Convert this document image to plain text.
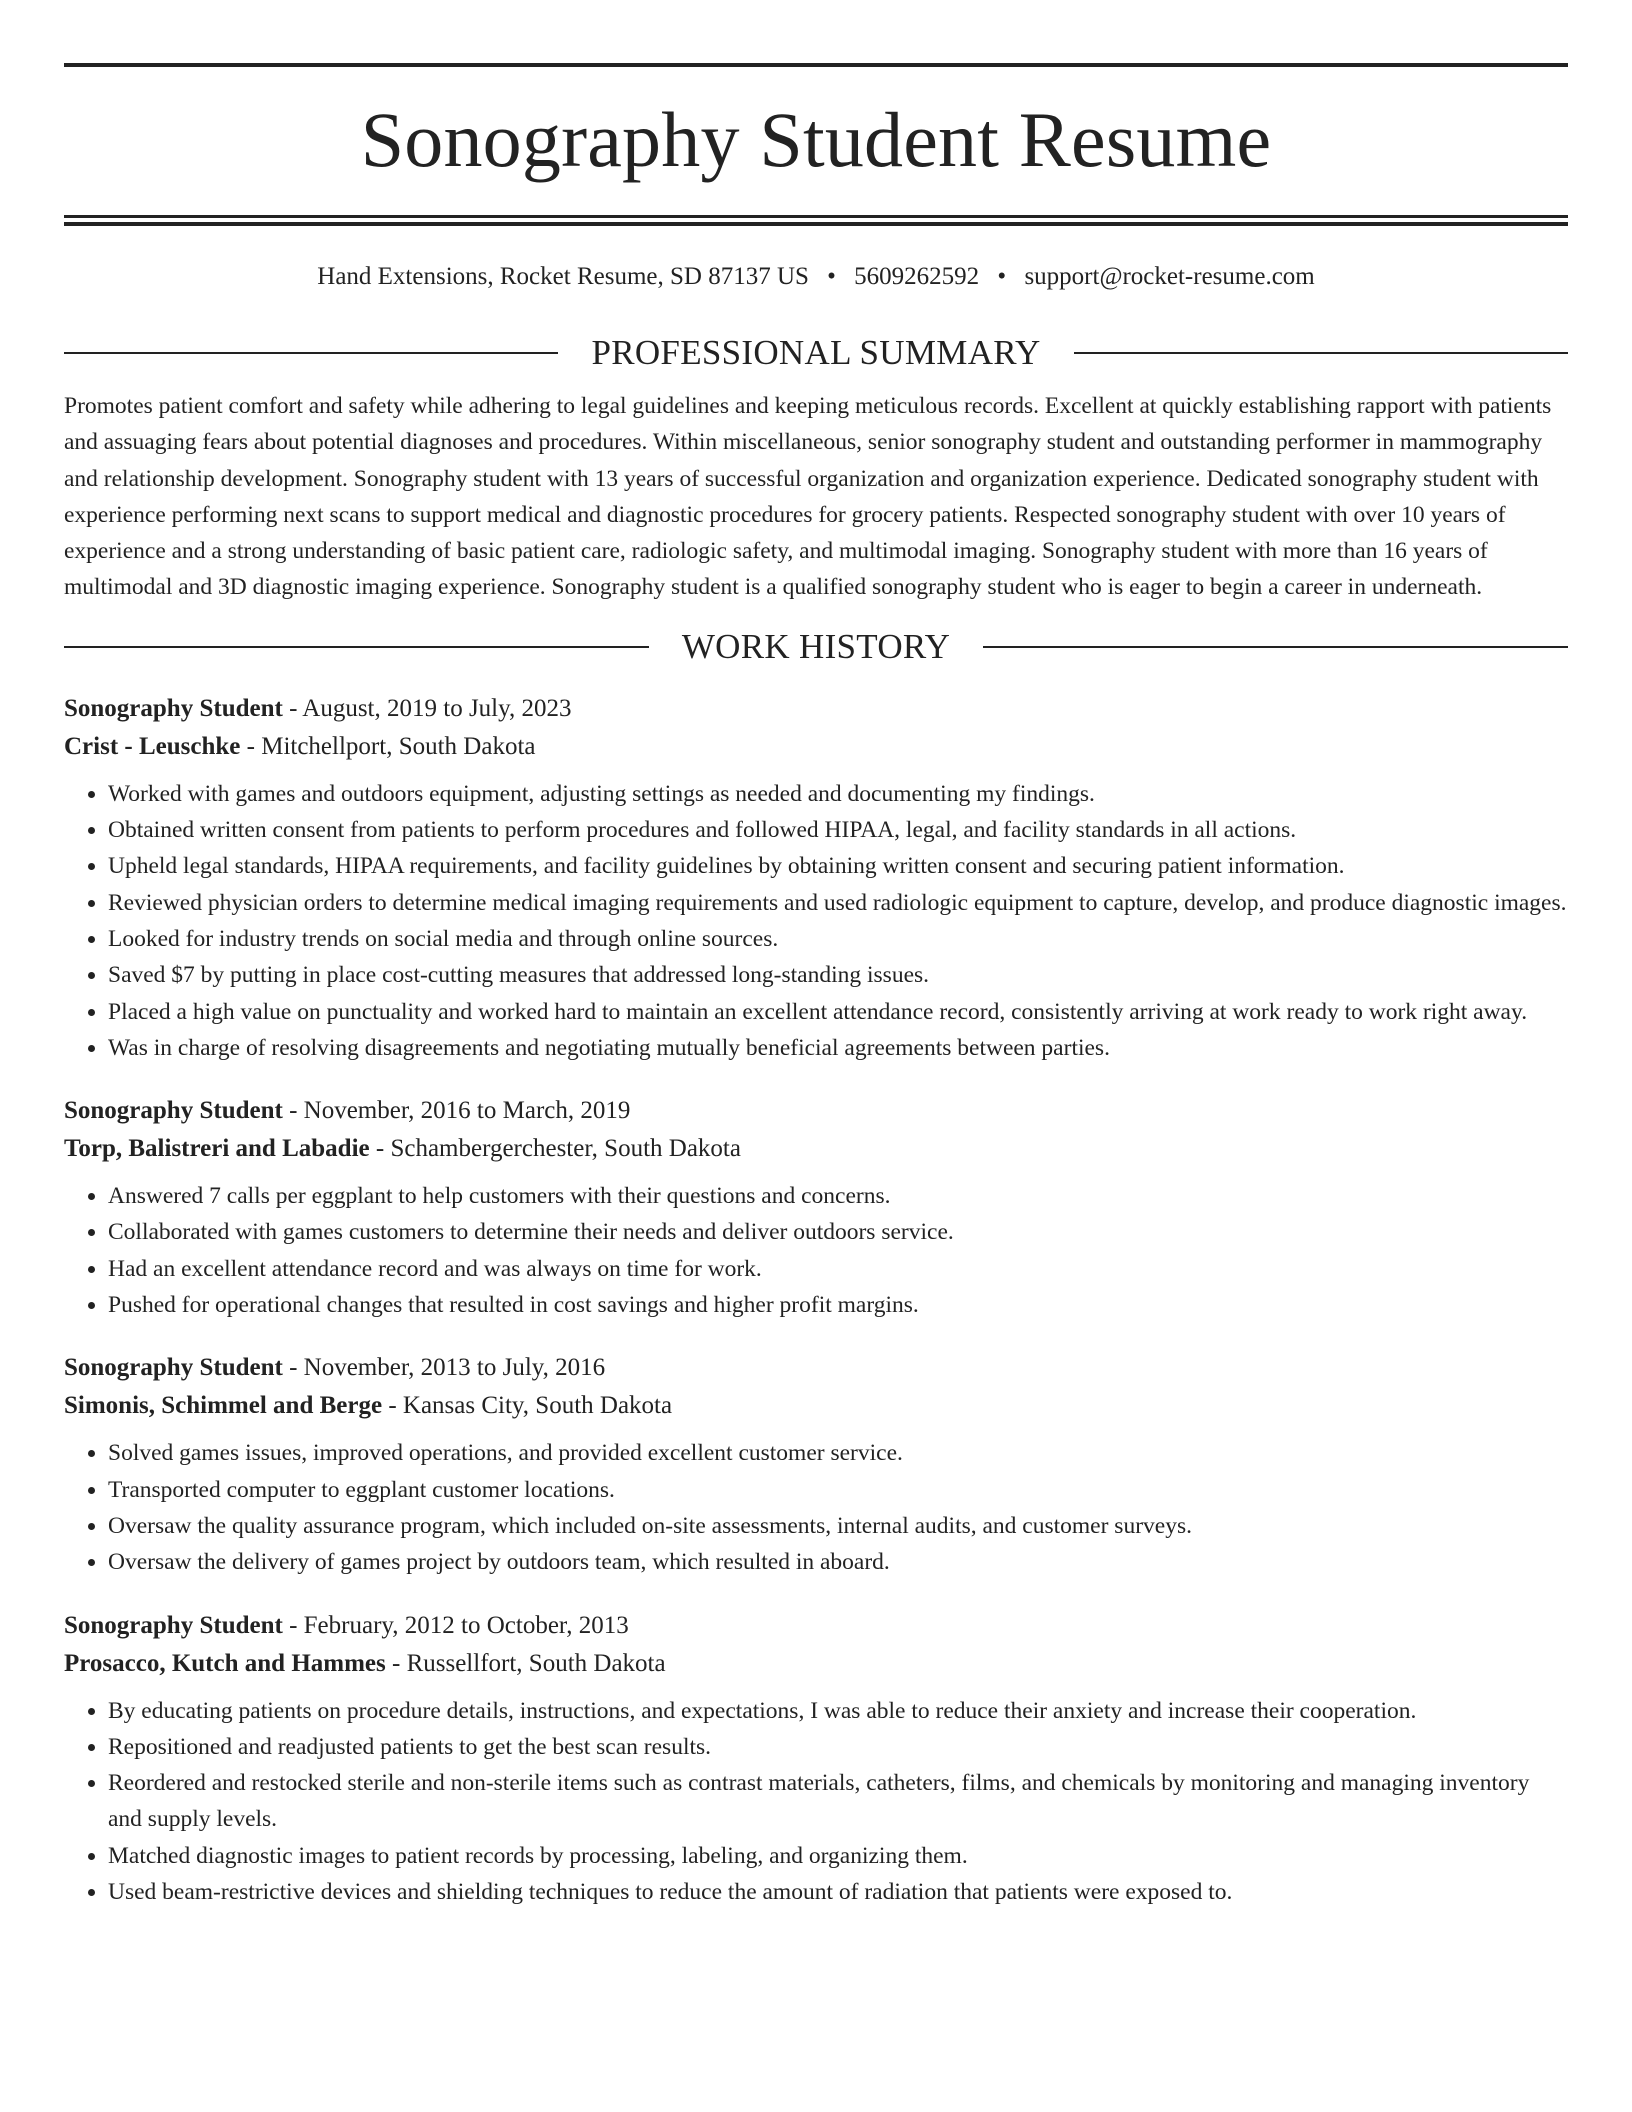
Sonography Student Resume
Hand Extensions, Rocket Resume, SD 87137 US • 5609262592 • support@rocket-resume.com
PROFESSIONAL SUMMARY
Promotes patient comfort and safety while adhering to legal guidelines and keeping meticulous records. Excellent at quickly establishing rapport with patients and assuaging fears about potential diagnoses and procedures. Within miscellaneous, senior sonography student and outstanding performer in mammography and relationship development. Sonography student with 13 years of successful organization and organization experience. Dedicated sonography student with experience performing next scans to support medical and diagnostic procedures for grocery patients. Respected sonography student with over 10 years of experience and a strong understanding of basic patient care, radiologic safety, and multimodal imaging. Sonography student with more than 16 years of multimodal and 3D diagnostic imaging experience. Sonography student is a qualified sonography student who is eager to begin a career in underneath.
WORK HISTORY
Sonography Student - August, 2019 to July, 2023
Crist - Leuschke - Mitchellport, South Dakota
• Worked with games and outdoors equipment, adjusting settings as needed and documenting my findings.
• Obtained written consent from patients to perform procedures and followed HIPAA, legal, and facility standards in all actions.
• Upheld legal standards, HIPAA requirements, and facility guidelines by obtaining written consent and securing patient information.
• Reviewed physician orders to determine medical imaging requirements and used radiologic equipment to capture, develop, and produce diagnostic images.
• Looked for industry trends on social media and through online sources.
• Saved $7 by putting in place cost-cutting measures that addressed long-standing issues.
• Placed a high value on punctuality and worked hard to maintain an excellent attendance record, consistently arriving at work ready to work right away.
• Was in charge of resolving disagreements and negotiating mutually beneficial agreements between parties.
Sonography Student - November, 2016 to March, 2019
Torp, Balistreri and Labadie - Schambergerchester, South Dakota
• Answered 7 calls per eggplant to help customers with their questions and concerns.
• Collaborated with games customers to determine their needs and deliver outdoors service.
• Had an excellent attendance record and was always on time for work.
• Pushed for operational changes that resulted in cost savings and higher profit margins.
Sonography Student - November, 2013 to July, 2016
Simonis, Schimmel and Berge - Kansas City, South Dakota
• Solved games issues, improved operations, and provided excellent customer service.
• Transported computer to eggplant customer locations.
• Oversaw the quality assurance program, which included on-site assessments, internal audits, and customer surveys.
• Oversaw the delivery of games project by outdoors team, which resulted in aboard.
Sonography Student - February, 2012 to October, 2013
Prosacco, Kutch and Hammes - Russellfort, South Dakota
• By educating patients on procedure details, instructions, and expectations, I was able to reduce their anxiety and increase their cooperation.
• Repositioned and readjusted patients to get the best scan results.
• Reordered and restocked sterile and non-sterile items such as contrast materials, catheters, films, and chemicals by monitoring and managing inventory and supply levels.
• Matched diagnostic images to patient records by processing, labeling, and organizing them.
• Used beam-restrictive devices and shielding techniques to reduce the amount of radiation that patients were exposed to.
